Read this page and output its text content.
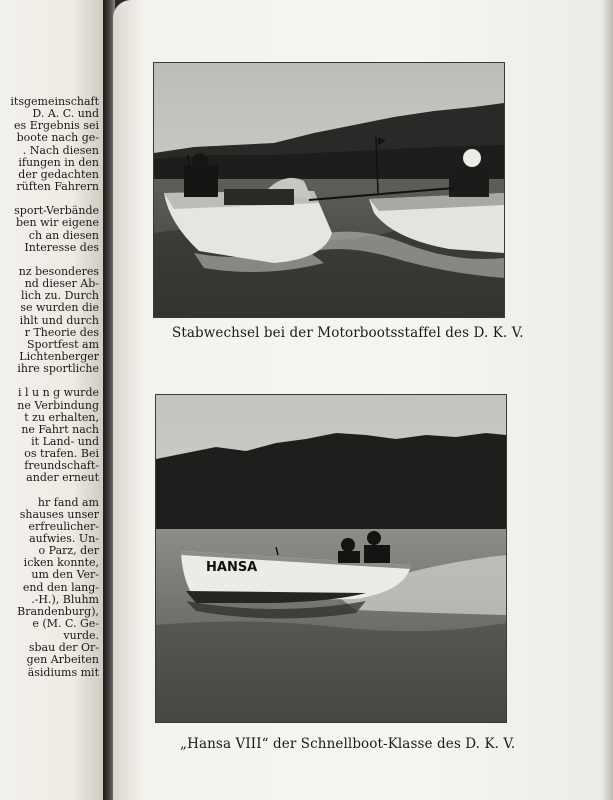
itsgemeinschaft
D. A. C. und
es Ergebnis sei
boote nach ge-
. Nach diesen
ifungen in den
der gedachten
rüften Fahrern
sport-Verbände
ben wir eigene
ch an diesen
Interesse des
nz besonderes
nd dieser Ab-
lich zu. Durch
se wurden die
ihlt und durch
r Theorie des
Sportfest am
Lichtenberger
ihre sportliche
i l u n g wurde
ne Verbindung
t zu erhalten,
ne Fahrt nach
it Land- und
os trafen. Bei
freundschaft-
ander erneut
hr fand am
shauses unser
erfreulicher-
aufwies. Un-
o Parz, der
icken konnte,
um den Ver-
end den lang-
.-H.), Bluhm
Brandenburg),
e (M. C. Ge-
vurde.
sbau der Or-
gen Arbeiten
äsidiums mit
Stabwechsel bei der Motorbootsstaffel des D. K. V.
HANSA
„Hansa VIII“ der Schnellboot-Klasse des D. K. V.
